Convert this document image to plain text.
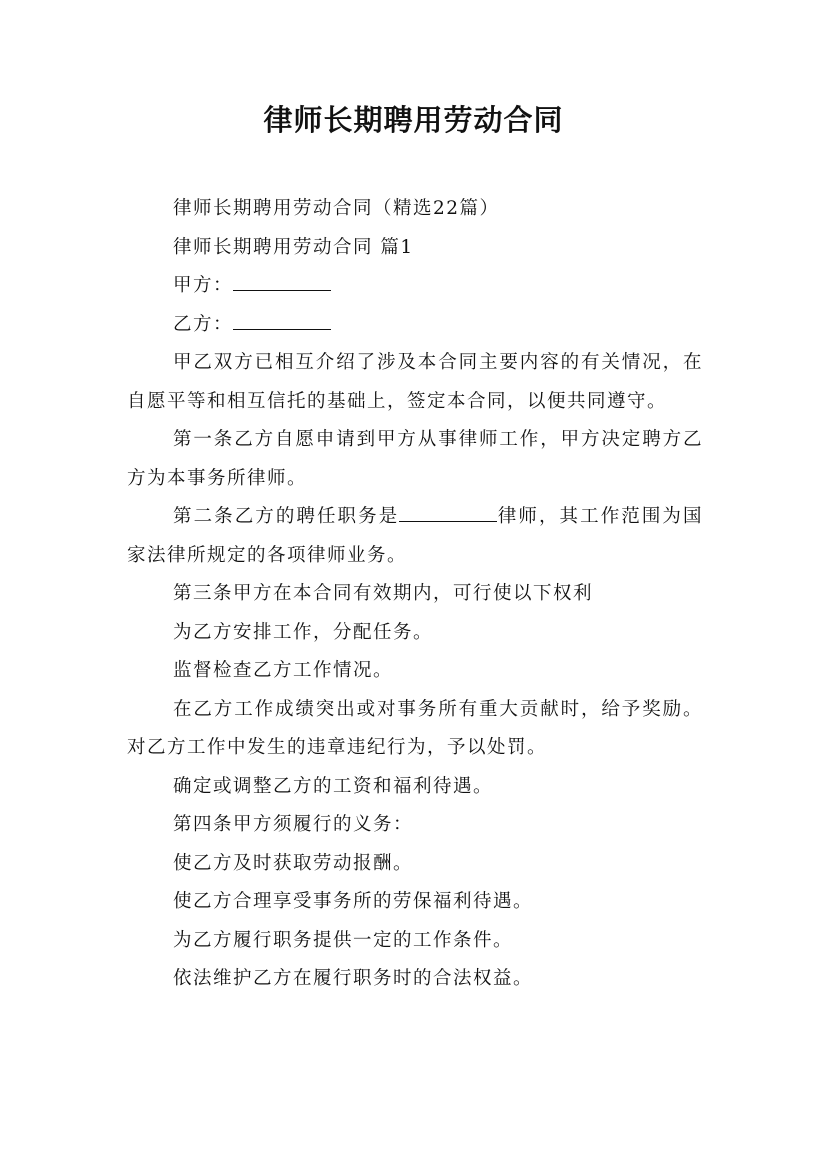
律师长期聘用劳动合同

律师长期聘用劳动合同（精选22篇）

律师长期聘用劳动合同 篇1

甲方：

乙方：

甲乙双方已相互介绍了涉及本合同主要内容的有关情况，在自愿平等和相互信托的基础上，签定本合同，以便共同遵守。

第一条乙方自愿申请到甲方从事律师工作，甲方决定聘方乙方为本事务所律师。

第二条乙方的聘任职务是	律师，其工作范围为国家法律所规定的各项律师业务。

第三条甲方在本合同有效期内，可行使以下权利

为乙方安排工作，分配任务。

监督检查乙方工作情况。

在乙方工作成绩突出或对事务所有重大贡献时，给予奖励。对乙方工作中发生的违章违纪行为，予以处罚。

确定或调整乙方的工资和福利待遇。

第四条甲方须履行的义务：

使乙方及时获取劳动报酬。

使乙方合理享受事务所的劳保福利待遇。

为乙方履行职务提供一定的工作条件。

依法维护乙方在履行职务时的合法权益。
